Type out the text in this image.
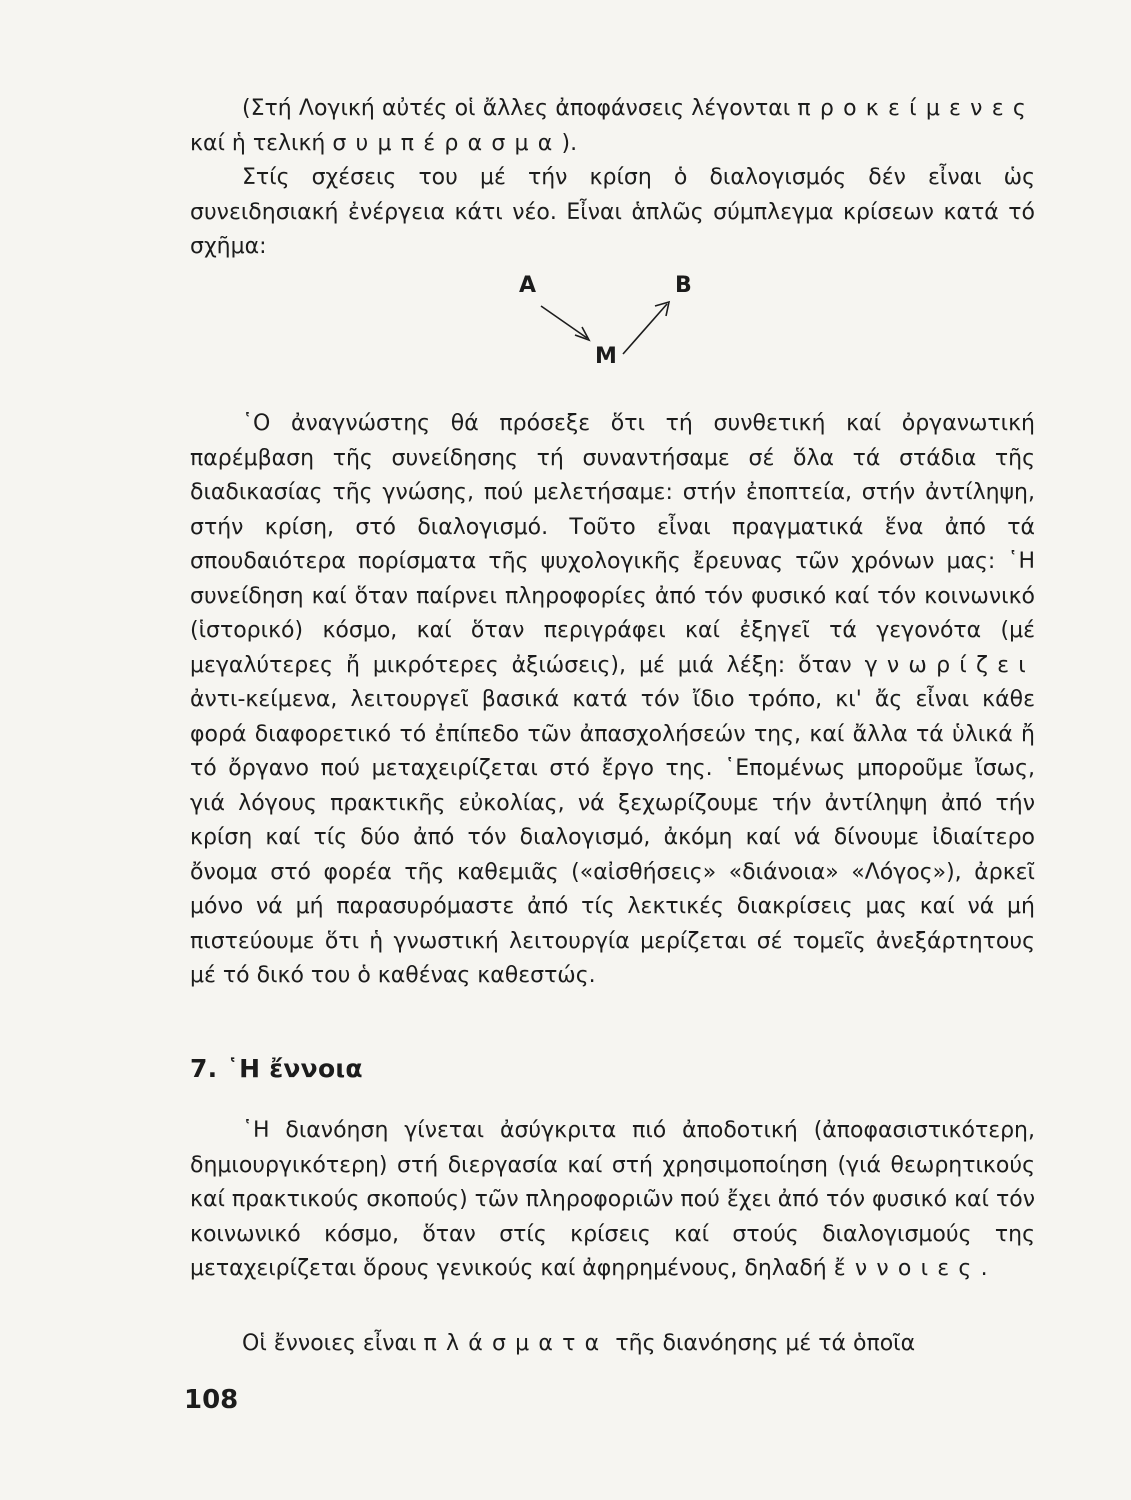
(Στή Λογική αὐτές οἱ ἄλλες ἀποφάνσεις λέγονται προκείμενες καί ἡ τελική συμπέρασμα).

Στίς σχέσεις του μέ τήν κρίση ὁ διαλογισμός δέν εἶναι ὡς συνειδησιακή ἐνέργεια κάτι νέο. Εἶναι ἁπλῶς σύμπλεγμα κρίσεων κατά τό σχῆμα:

A	B
M

῾Ο ἀναγνώστης θά πρόσεξε ὅτι τή συνθετική καί ὀργανωτική παρέμβαση τῆς συνείδησης τή συναντήσαμε σέ ὅλα τά στάδια τῆς διαδικασίας τῆς γνώσης, πού μελετήσαμε: στήν ἐποπτεία, στήν ἀντίληψη, στήν κρίση, στό διαλογισμό. Τοῦτο εἶναι πραγματικά ἕνα ἀπό τά σπουδαιότερα πορίσματα τῆς ψυχολογικῆς ἔρευνας τῶν χρόνων μας: ῾Η συνείδηση καί ὅταν παίρνει πληροφορίες ἀπό τόν φυσικό καί τόν κοινωνικό (ἱστορικό) κόσμο, καί ὅταν περιγράφει καί ἐξηγεῖ τά γεγονότα (μέ μεγαλύτερες ἤ μικρότερες ἀξιώσεις), μέ μιά λέξη: ὅταν γνωρίζει ἀντι-κείμενα, λειτουργεῖ βασικά κατά τόν ἴδιο τρόπο, κι' ἄς εἶναι κάθε φορά διαφορετικό τό ἐπίπεδο τῶν ἀπασχολήσεών της, καί ἄλλα τά ὑλικά ἤ τό ὄργανο πού μεταχειρίζεται στό ἔργο της. ῾Επομένως μποροῦμε ἴσως, γιά λόγους πρακτικῆς εὐκολίας, νά ξεχωρίζουμε τήν ἀντίληψη ἀπό τήν κρίση καί τίς δύο ἀπό τόν διαλογισμό, ἀκόμη καί νά δίνουμε ἰδιαίτερο ὄνομα στό φορέα τῆς καθεμιᾶς («αἰσθήσεις» «διάνοια» «Λόγος»), ἀρκεῖ μόνο νά μή παρασυρόμαστε ἀπό τίς λεκτικές διακρίσεις μας καί νά μή πιστεύουμε ὅτι ἡ γνωστική λειτουργία μερίζεται σέ τομεῖς ἀνεξάρτητους μέ τό δικό του ὁ καθένας καθεστώς.

7. ῾Η ἔννοια

῾Η διανόηση γίνεται ἀσύγκριτα πιό ἀποδοτική (ἀποφασιστικότερη, δημιουργικότερη) στή διεργασία καί στή χρησιμοποίηση (γιά θεωρητικούς καί πρακτικούς σκοπούς) τῶν πληροφοριῶν πού ἔχει ἀπό τόν φυσικό καί τόν κοινωνικό κόσμο, ὅταν στίς κρίσεις καί στούς διαλογισμούς της μεταχειρίζεται ὅρους γενικούς καί ἀφηρημένους, δηλαδή ἔννοιες.

Οἱ ἔννοιες εἶναι πλάσματα τῆς διανόησης μέ τά ὁποῖα

108
